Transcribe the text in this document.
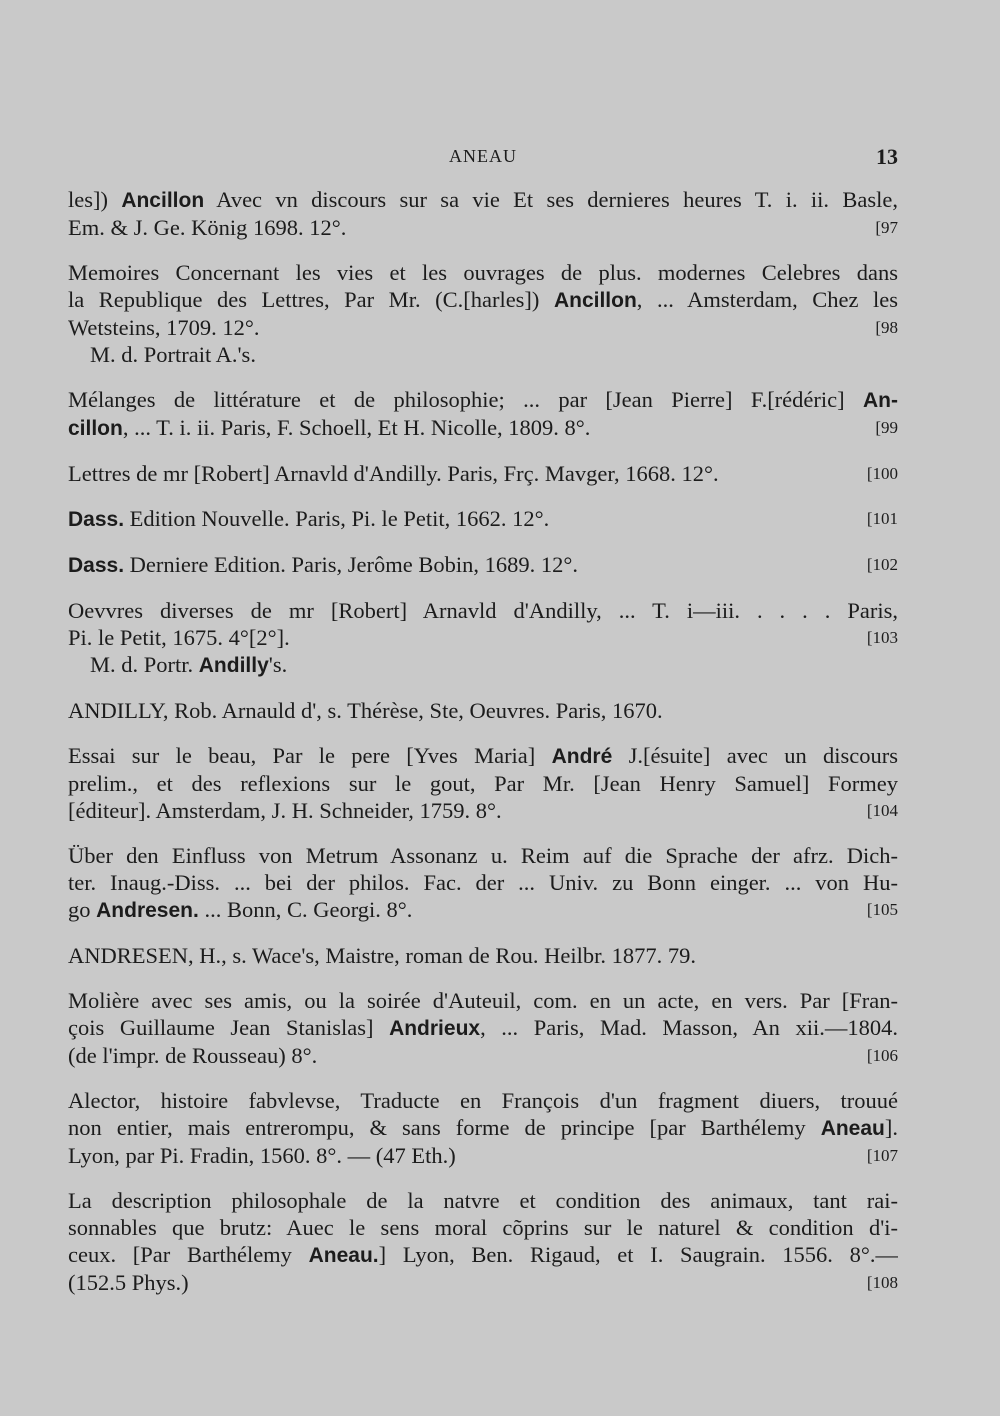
ANEAU	13
les]) Ancillon Avec vn discours sur sa vie Et ses dernieres heures T. i. ii. Basle,
Em. & J. Ge. König 1698. 12°.	[97
Memoires Concernant les vies et les ouvrages de plus. modernes Celebres dans
la Republique des Lettres, Par Mr. (C.[harles]) Ancillon, ... Amsterdam, Chez les
Wetsteins, 1709. 12°.	[98
M. d. Portrait A.'s.
Mélanges de littérature et de philosophie; ... par [Jean Pierre] F.[rédéric] An-
cillon, ... T. i. ii. Paris, F. Schoell, Et H. Nicolle, 1809. 8°.	[99
Lettres de mr [Robert] Arnavld d'Andilly. Paris, Frç. Mavger, 1668. 12°.	[100
Dass. Edition Nouvelle. Paris, Pi. le Petit, 1662. 12°.	[101
Dass. Derniere Edition. Paris, Jerôme Bobin, 1689. 12°.	[102
Oevvres diverses de mr [Robert] Arnavld d'Andilly, ... T. i—iii. . . . . Paris,
Pi. le Petit, 1675. 4°[2°].	[103
M. d. Portr. Andilly's.
ANDILLY, Rob. Arnauld d', s. Thérèse, Ste, Oeuvres. Paris, 1670.
Essai sur le beau, Par le pere [Yves Maria] André J.[ésuite] avec un discours
prelim., et des reflexions sur le gout, Par Mr. [Jean Henry Samuel] Formey
[éditeur]. Amsterdam, J. H. Schneider, 1759. 8°.	[104
Über den Einfluss von Metrum Assonanz u. Reim auf die Sprache der afrz. Dich-
ter. Inaug.-Diss. ... bei der philos. Fac. der ... Univ. zu Bonn einger. ... von Hu-
go Andresen. ... Bonn, C. Georgi. 8°.	[105
ANDRESEN, H., s. Wace's, Maistre, roman de Rou. Heilbr. 1877. 79.
Molière avec ses amis, ou la soirée d'Auteuil, com. en un acte, en vers. Par [Fran-
çois Guillaume Jean Stanislas] Andrieux, ... Paris, Mad. Masson, An xii.—1804.
(de l'impr. de Rousseau) 8°.	[106
Alector, histoire fabvlevse, Traducte en François d'un fragment diuers, trouué
non entier, mais entrerompu, & sans forme de principe [par Barthélemy Aneau].
Lyon, par Pi. Fradin, 1560. 8°. — (47 Eth.)	[107
La description philosophale de la natvre et condition des animaux, tant rai-
sonnables que brutz: Auec le sens moral cõprins sur le naturel & condition d'i-
ceux. [Par Barthélemy Aneau.] Lyon, Ben. Rigaud, et I. Saugrain. 1556. 8°.—
(152.5 Phys.)	[108
